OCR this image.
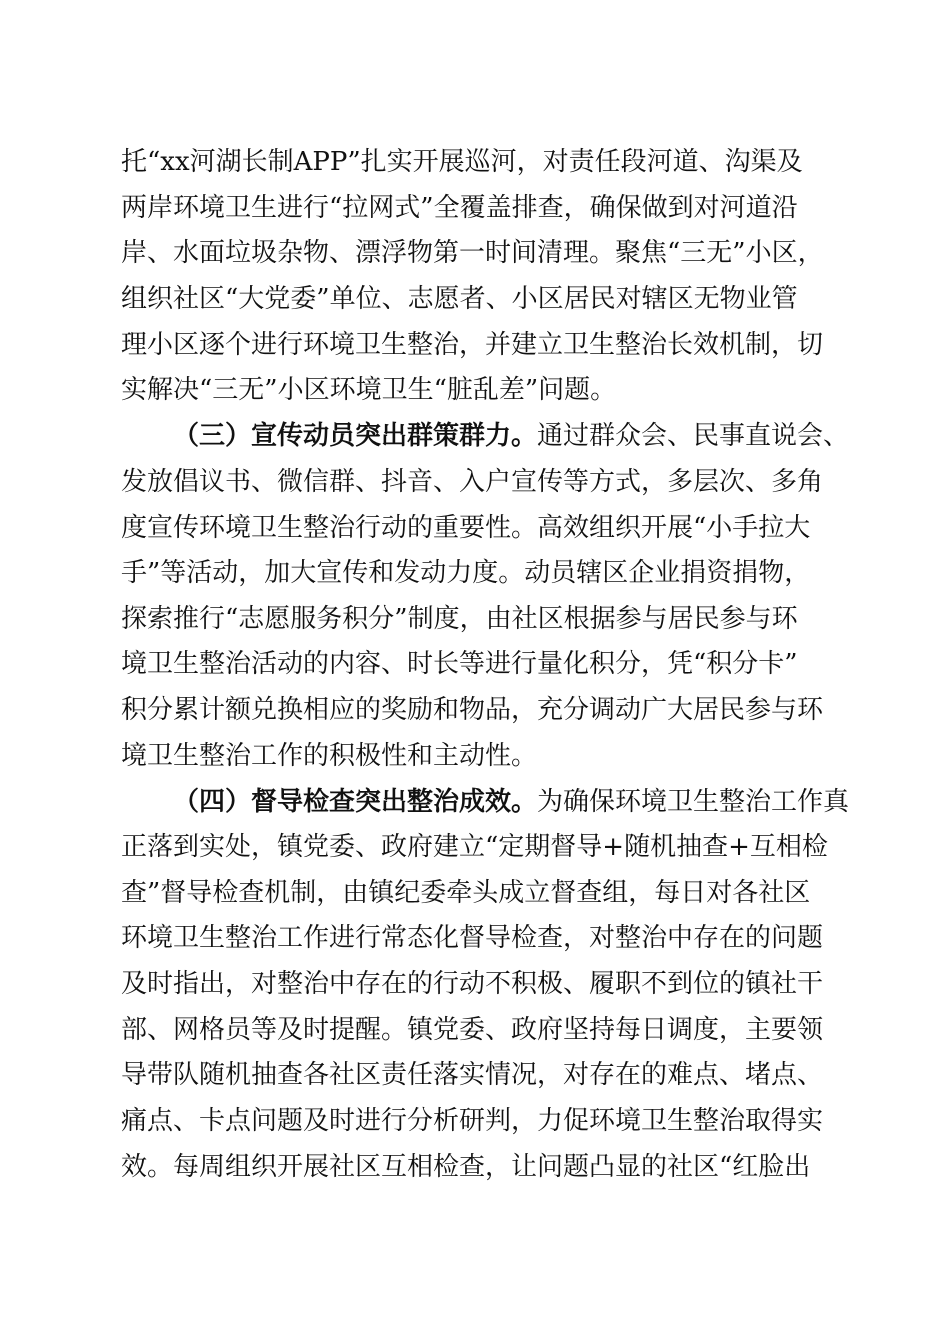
托“xx河湖长制APP”扎实开展巡河，对责任段河道、沟渠及
两岸环境卫生进行“拉网式”全覆盖排查，确保做到对河道沿
岸、水面垃圾杂物、漂浮物第一时间清理。聚焦“三无”小区，
组织社区“大党委”单位、志愿者、小区居民对辖区无物业管
理小区逐个进行环境卫生整治，并建立卫生整治长效机制，切
实解决“三无”小区环境卫生“脏乱差”问题。
（三）宣传动员突出群策群力。通过群众会、民事直说会、
发放倡议书、微信群、抖音、入户宣传等方式，多层次、多角
度宣传环境卫生整治行动的重要性。高效组织开展“小手拉大
手”等活动，加大宣传和发动力度。动员辖区企业捐资捐物，
探索推行“志愿服务积分”制度，由社区根据参与居民参与环
境卫生整治活动的内容、时长等进行量化积分，凭“积分卡”
积分累计额兑换相应的奖励和物品，充分调动广大居民参与环
境卫生整治工作的积极性和主动性。
（四）督导检查突出整治成效。为确保环境卫生整治工作真
正落到实处，镇党委、政府建立“定期督导+随机抽查+互相检
查”督导检查机制，由镇纪委牵头成立督查组，每日对各社区
环境卫生整治工作进行常态化督导检查，对整治中存在的问题
及时指出，对整治中存在的行动不积极、履职不到位的镇社干
部、网格员等及时提醒。镇党委、政府坚持每日调度，主要领
导带队随机抽查各社区责任落实情况，对存在的难点、堵点、
痛点、卡点问题及时进行分析研判，力促环境卫生整治取得实
效。每周组织开展社区互相检查，让问题凸显的社区“红脸出
